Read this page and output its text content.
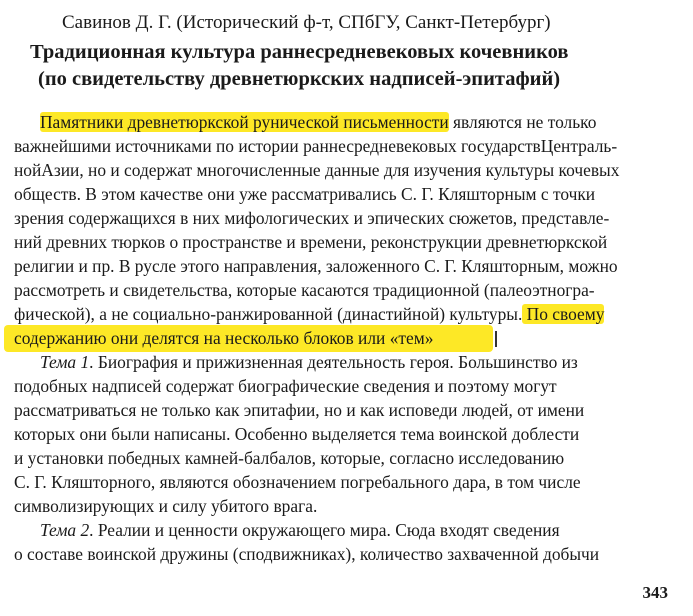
Савинов Д. Г. (Исторический ф-т, СПбГУ, Санкт-Петербург)
Традиционная культура раннесредневековых кочевников
(по свидетельству древнетюркских надписей-эпитафий)
Памятники древнетюркской рунической письменности являются не только
важнейшими источниками по истории раннесредневековых государствЦентраль-
нойАзии, но и содержат многочисленные данные для изучения культуры кочевых
обществ. В этом качестве они уже рассматривались С. Г. Кляшторным с точки
зрения содержащихся в них мифологических и эпических сюжетов, представле-
ний древних тюрков о пространстве и времени, реконструкции древнетюркской
религии и пр. В русле этого направления, заложенного С. Г. Кляшторным, можно
рассмотреть и свидетельства, которые касаются традиционной (палеоэтногра-
фической), а не социально-ранжированной (династийной) культуры. По своему
содержанию они делятся на несколько блоков или «тем»
Тема 1. Биография и прижизненная деятельность героя. Большинство из
подобных надписей содержат биографические сведения и поэтому могут
рассматриваться не только как эпитафии, но и как исповеди людей, от имени
которых они были написаны. Особенно выделяется тема воинской доблести
и установки победных камней-балбалов, которые, согласно исследованию
С. Г. Кляшторного, являются обозначением погребального дара, в том числе
символизирующих и силу убитого врага.
Тема 2. Реалии и ценности окружающего мира. Сюда входят сведения
о составе воинской дружины (сподвижниках), количество захваченной добычи
343
